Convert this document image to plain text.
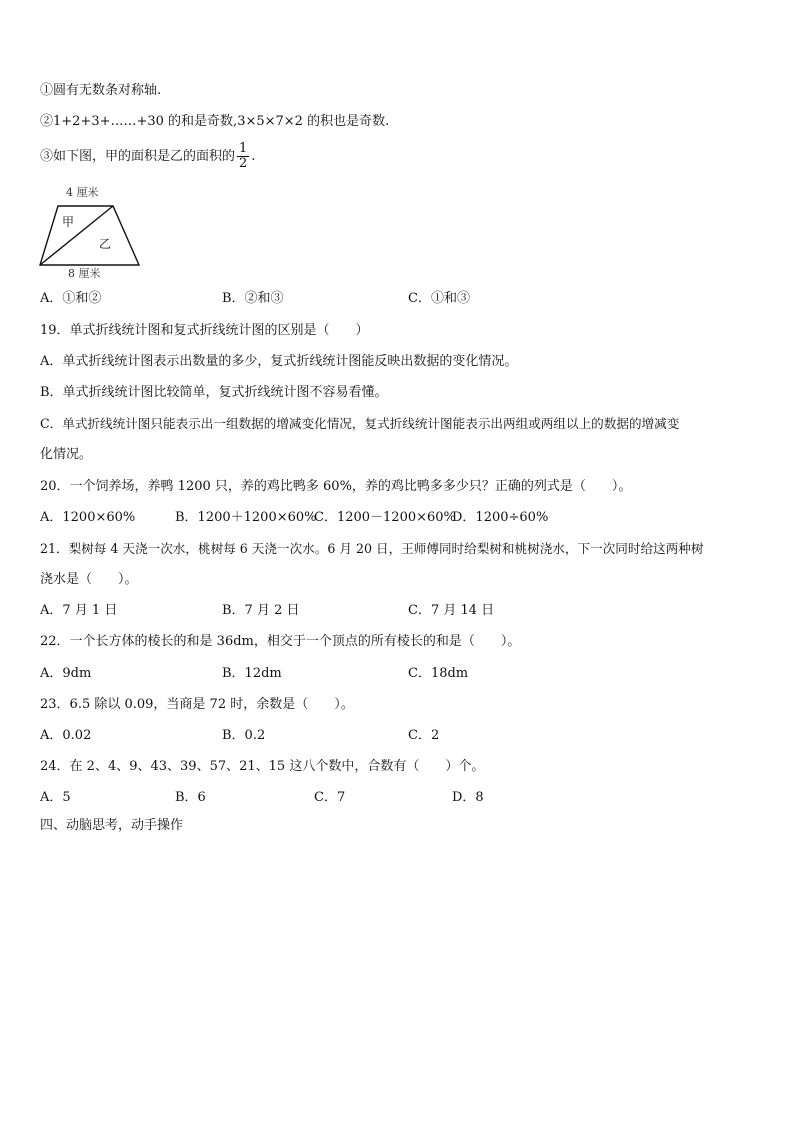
①圆有无数条对称轴.
②1+2+3+……+30 的和是奇数,3×5×7×2 的积也是奇数.
③如下图，甲的面积是乙的面积的 $\frac{1}{2}$ .
4 厘米
甲
乙
8 厘米
A．①和②	B．②和③	C．①和③
19．单式折线统计图和复式折线统计图的区别是（　　）
A．单式折线统计图表示出数量的多少，复式折线统计图能反映出数据的变化情况。
B．单式折线统计图比较简单，复式折线统计图不容易看懂。
C．单式折线统计图只能表示出一组数据的增减变化情况，复式折线统计图能表示出两组或两组以上的数据的增减变
化情况。
20．一个饲养场，养鸭 1200 只，养的鸡比鸭多 60%，养的鸡比鸭多多少只？正确的列式是（　　）。
A．1200×60%	B．1200＋1200×60%
C．1200－1200×60%
D．1200÷60%
21．梨树每 4 天浇一次水，桃树每 6 天浇一次水。6 月 20 日，王师傅同时给梨树和桃树浇水，下一次同时给这两种树
浇水是（　　）。
A．7 月 1 日	B．7 月 2 日	C．7 月 14 日
22．一个长方体的棱长的和是 36dm，相交于一个顶点的所有棱长的和是（　　）。
A．9dm	B．12dm	C．18dm
23．6.5 除以 0.09，当商是 72 时，余数是（　　）。
A．0.02	B．0.2	C．2
24．在 2、4、9、43、39、57、21、15 这八个数中，合数有（　　）个。
A．5	B．6	C．7	D．8
四、动脑思考，动手操作
